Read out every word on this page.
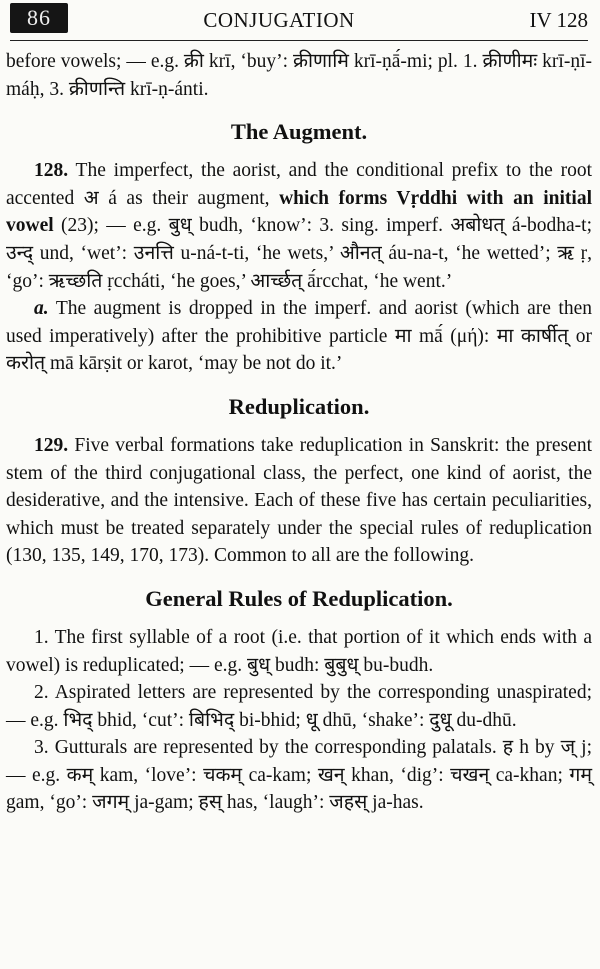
86	CONJUGATION	IV 128

before vowels; — e.g. क्री krī, ‘buy’: क्रीणामि krī-ṇā́-mi; pl. 1. क्रीणीमः krī-ṇī-máḥ, 3. क्रीणन्ति krī-ṇ-ánti.

The Augment.

128. The imperfect, the aorist, and the conditional prefix to the root accented अ á as their augment, which forms Vṛddhi with an initial vowel (23); — e.g. बुध् budh, ‘know’: 3. sing. imperf. अबोधत् á-bodha-t; उन्द् und, ‘wet’: उनत्ति u-ná-t-ti, ‘he wets,’ औनत् áu-na-t, ‘he wetted’; ऋ ṛ, ‘go’: ऋच्छति ṛccháti, ‘he goes,’ आर्च्छत् ā́rcchat, ‘he went.’

a. The augment is dropped in the imperf. and aorist (which are then used imperatively) after the prohibitive particle मा mā́ (μή): मा कार्षीत् or करोत् mā kārṣit or karot, ‘may be not do it.’

Reduplication.

129. Five verbal formations take reduplication in Sanskrit: the present stem of the third conjugational class, the perfect, one kind of aorist, the desiderative, and the intensive. Each of these five has certain peculiarities, which must be treated separately under the special rules of reduplication (130, 135, 149, 170, 173). Common to all are the following.

General Rules of Reduplication.

1. The first syllable of a root (i.e. that portion of it which ends with a vowel) is reduplicated; — e.g. बुध् budh: बुबुध् bu-budh.

2. Aspirated letters are represented by the corresponding unaspirated; — e.g. भिद् bhid, ‘cut’: बिभिद् bi-bhid; धू dhū, ‘shake’: दुधू du-dhū.

3. Gutturals are represented by the corresponding palatals. ह h by ज् j; — e.g. कम् kam, ‘love’: चकम् ca-kam; खन् khan, ‘dig’: चखन् ca-khan; गम् gam, ‘go’: जगम् ja-gam; हस् has, ‘laugh’: जहस् ja-has.
